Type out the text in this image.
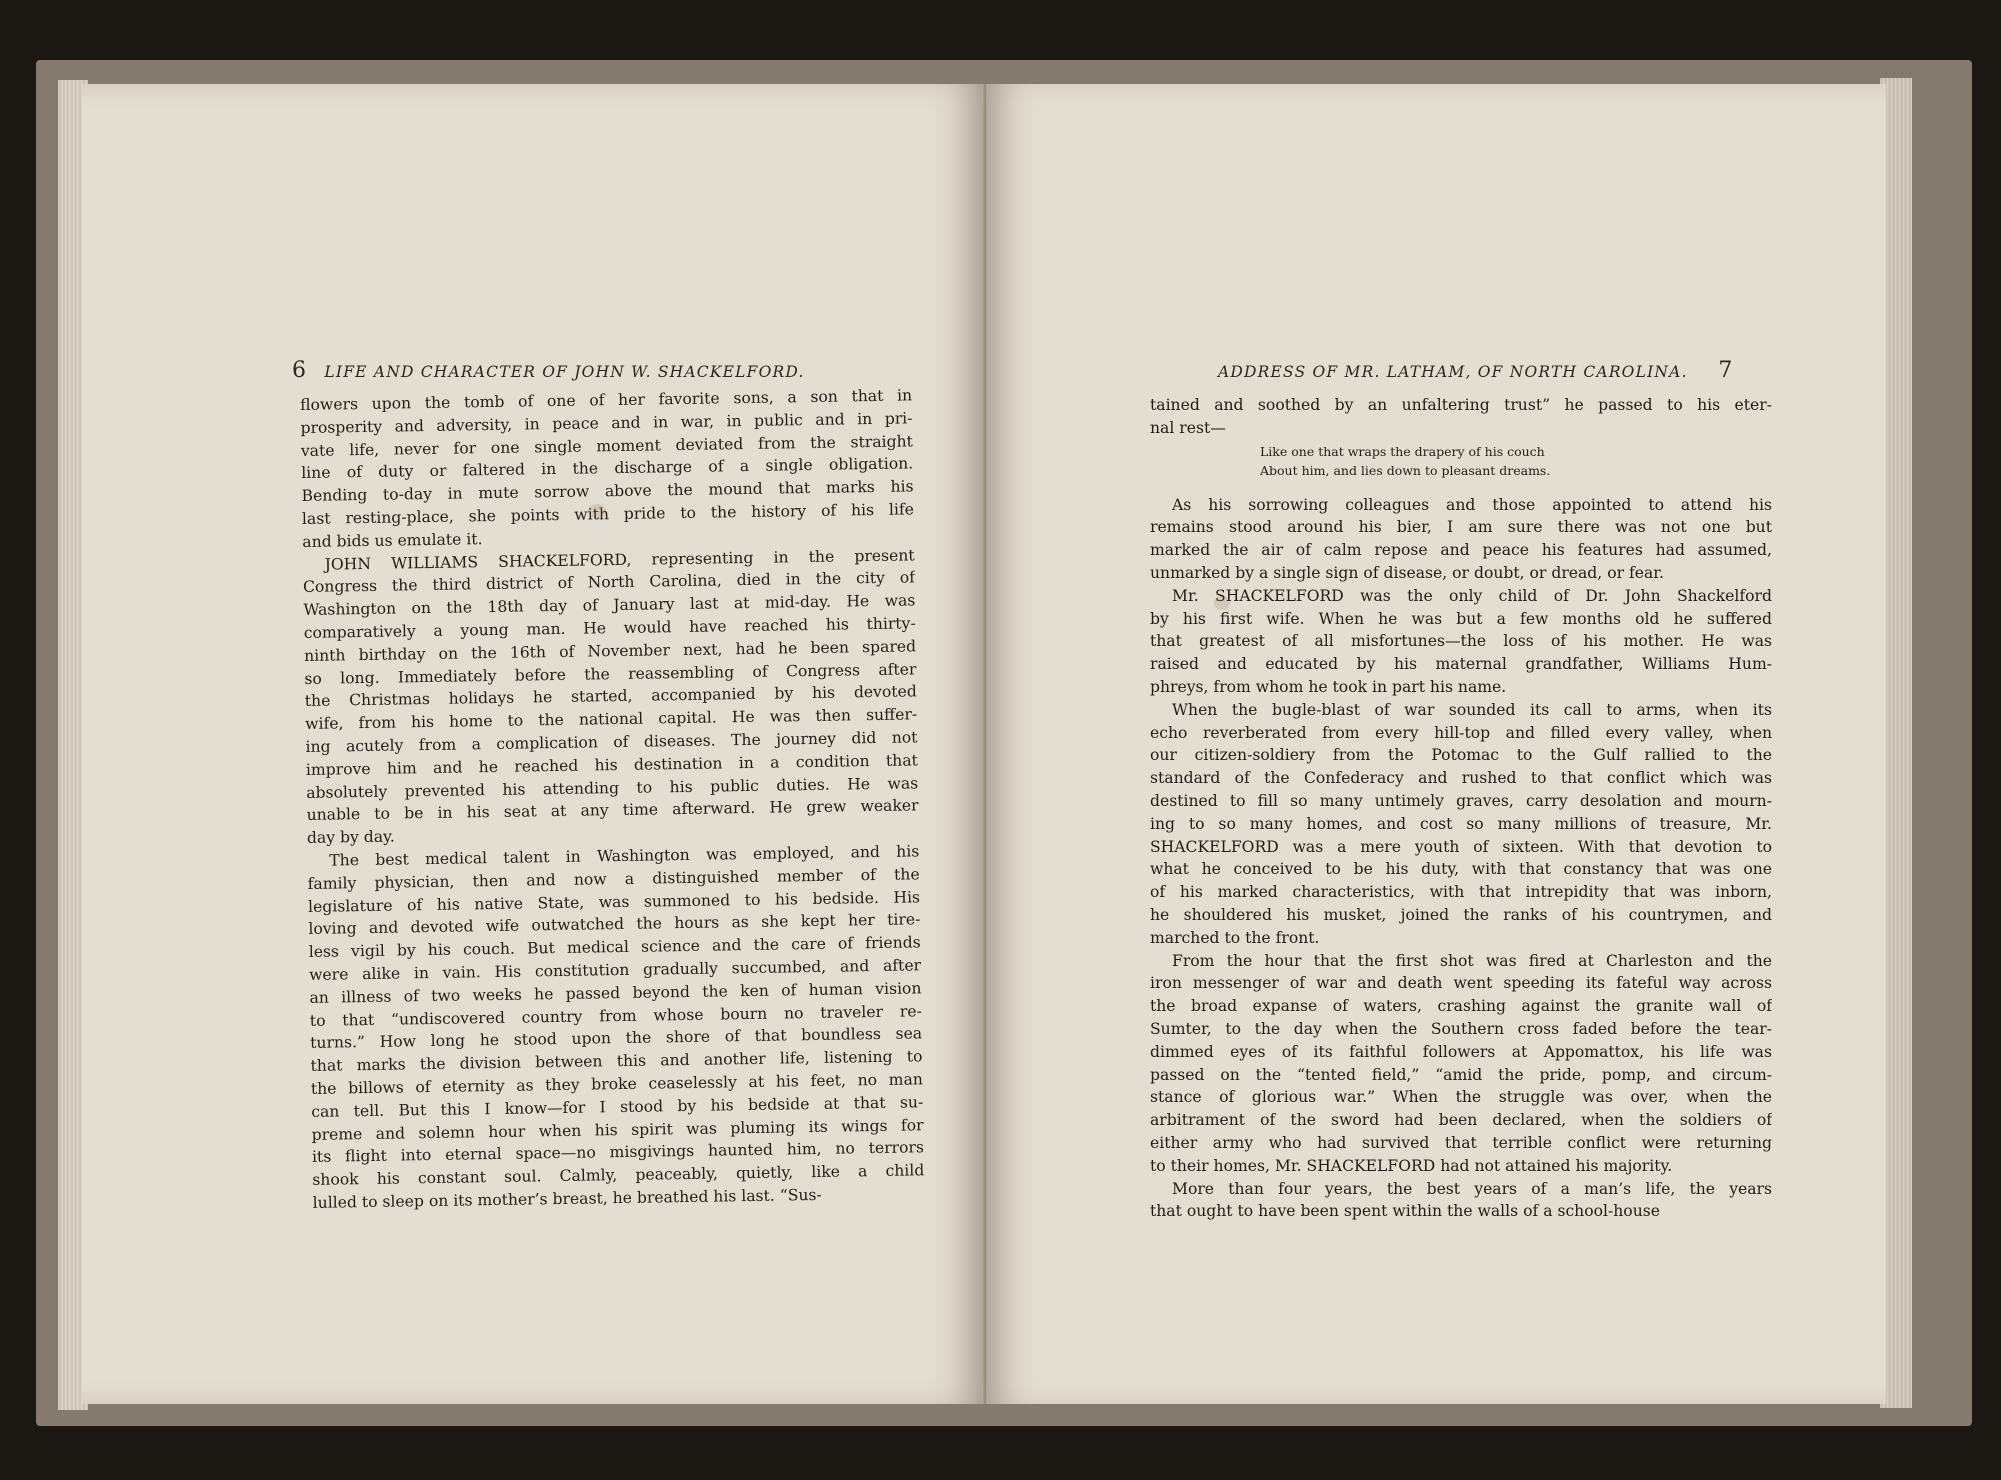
6 LIFE AND CHARACTER OF JOHN W. SHACKELFORD.
flowers upon the tomb of one of her favorite sons, a son that in
prosperity and adversity, in peace and in war, in public and in pri-
vate life, never for one single moment deviated from the straight
line of duty or faltered in the discharge of a single obligation.
Bending to-day in mute sorrow above the mound that marks his
last resting-place, she points with pride to the history of his life
and bids us emulate it.
JOHN WILLIAMS SHACKELFORD, representing in the present
Congress the third district of North Carolina, died in the city of
Washington on the 18th day of January last at mid-day. He was
comparatively a young man. He would have reached his thirty-
ninth birthday on the 16th of November next, had he been spared
so long. Immediately before the reassembling of Congress after
the Christmas holidays he started, accompanied by his devoted
wife, from his home to the national capital. He was then suffer-
ing acutely from a complication of diseases. The journey did not
improve him and he reached his destination in a condition that
absolutely prevented his attending to his public duties. He was
unable to be in his seat at any time afterward. He grew weaker
day by day.
The best medical talent in Washington was employed, and his
family physician, then and now a distinguished member of the
legislature of his native State, was summoned to his bedside. His
loving and devoted wife outwatched the hours as she kept her tire-
less vigil by his couch. But medical science and the care of friends
were alike in vain. His constitution gradually succumbed, and after
an illness of two weeks he passed beyond the ken of human vision
to that “undiscovered country from whose bourn no traveler re-
turns.” How long he stood upon the shore of that boundless sea
that marks the division between this and another life, listening to
the billows of eternity as they broke ceaselessly at his feet, no man
can tell. But this I know—for I stood by his bedside at that su-
preme and solemn hour when his spirit was pluming its wings for
its flight into eternal space—no misgivings haunted him, no terrors
shook his constant soul. Calmly, peaceably, quietly, like a child
lulled to sleep on its mother’s breast, he breathed his last. “Sus-
ADDRESS OF MR. LATHAM, OF NORTH CAROLINA. 7
tained and soothed by an unfaltering trust” he passed to his eter-
nal rest—
Like one that wraps the drapery of his couch
About him, and lies down to pleasant dreams.
As his sorrowing colleagues and those appointed to attend his
remains stood around his bier, I am sure there was not one but
marked the air of calm repose and peace his features had assumed,
unmarked by a single sign of disease, or doubt, or dread, or fear.
Mr. SHACKELFORD was the only child of Dr. John Shackelford
by his first wife. When he was but a few months old he suffered
that greatest of all misfortunes—the loss of his mother. He was
raised and educated by his maternal grandfather, Williams Hum-
phreys, from whom he took in part his name.
When the bugle-blast of war sounded its call to arms, when its
echo reverberated from every hill-top and filled every valley, when
our citizen-soldiery from the Potomac to the Gulf rallied to the
standard of the Confederacy and rushed to that conflict which was
destined to fill so many untimely graves, carry desolation and mourn-
ing to so many homes, and cost so many millions of treasure, Mr.
SHACKELFORD was a mere youth of sixteen. With that devotion to
what he conceived to be his duty, with that constancy that was one
of his marked characteristics, with that intrepidity that was inborn,
he shouldered his musket, joined the ranks of his countrymen, and
marched to the front.
From the hour that the first shot was fired at Charleston and the
iron messenger of war and death went speeding its fateful way across
the broad expanse of waters, crashing against the granite wall of
Sumter, to the day when the Southern cross faded before the tear-
dimmed eyes of its faithful followers at Appomattox, his life was
passed on the “tented field,” “amid the pride, pomp, and circum-
stance of glorious war.” When the struggle was over, when the
arbitrament of the sword had been declared, when the soldiers of
either army who had survived that terrible conflict were returning
to their homes, Mr. SHACKELFORD had not attained his majority.
More than four years, the best years of a man’s life, the years
that ought to have been spent within the walls of a school-house
